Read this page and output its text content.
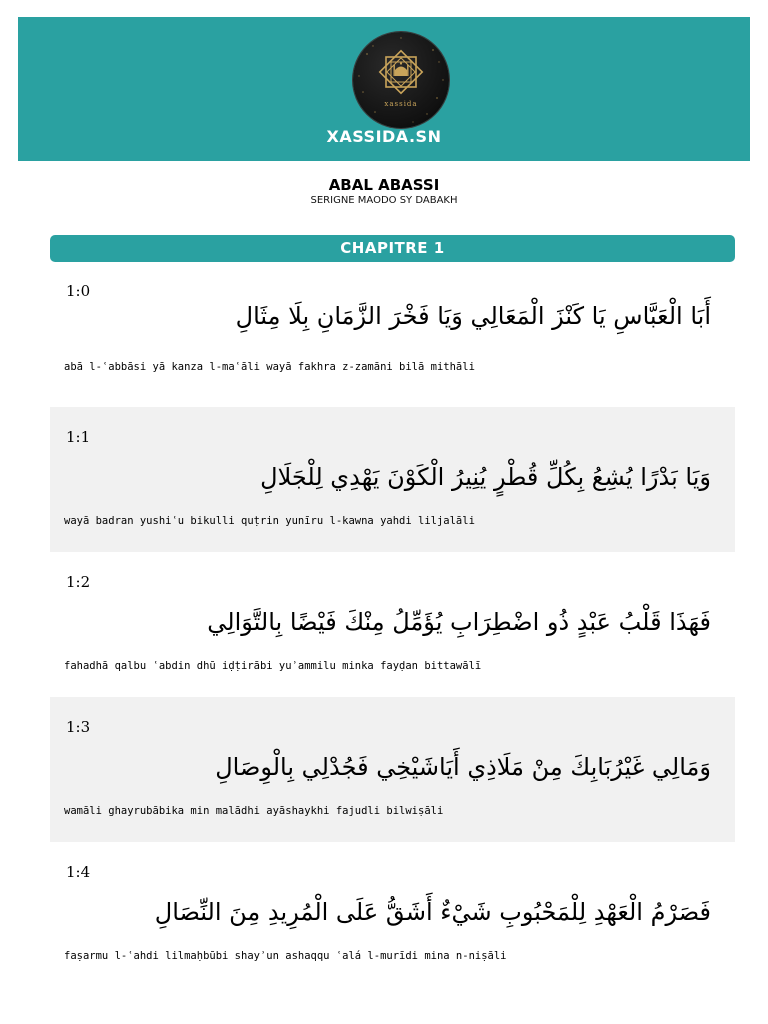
xassida
XASSIDA.SN
ABAL ABASSI
SERIGNE MAODO SY DABAKH
CHAPITRE 1
1:0
أَبَا الْعَبَّاسِ يَا كَنْزَ الْمَعَالِي وَيَا فَخْرَ الزَّمَانِ بِلَا مِثَالِ
abā l-ʿabbāsi yā kanza l-maʿāli wayā fakhra z-zamāni bilā mithāli
1:1
وَيَا بَدْرًا يُشِعُ بِكُلِّ قُطْرٍ يُنِيرُ الْكَوْنَ يَهْدِي لِلْجَلَالِ
wayā badran yushiʿu bikulli quṭrin yunīru l-kawna yahdi liljalāli
1:2
فَهَذَا قَلْبُ عَبْدٍ ذُو اضْطِرَابِ يُؤَمِّلُ مِنْكَ فَيْضًا بِالتَّوَالِي
fahadhā qalbu ʿabdin dhū iḍṭirābi yuʾammilu minka fayḍan bittawālī
1:3
وَمَالِي غَيْرُبَابِكَ مِنْ مَلَاذِي أَيَاشَيْخِي فَجُدْلِي بِالْوِصَالِ
wamāli ghayrubābika min malādhi ayāshaykhi fajudli bilwiṣāli
1:4
فَصَرْمُ الْعَهْدِ لِلْمَحْبُوبِ شَيْءٌ أَشَقُّ عَلَى الْمُرِيدِ مِنَ النِّصَالِ
faṣarmu l-ʿahdi lilmaḥbūbi shayʾun ashaqqu ʿalá l-murīdi mina n-niṣāli
